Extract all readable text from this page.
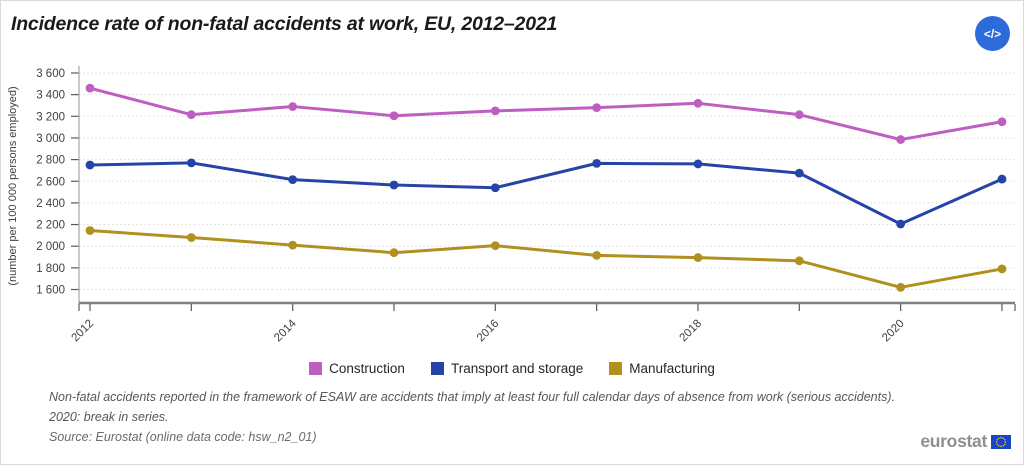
Incidence rate of non-fatal accidents at work, EU, 2012–2021	</>
1 600
1 800
2 000
2 200
2 400
2 600
2 800
3 000
3 200
3 400
3 600
2012	2014	2016	2018	2020
(number per 100 000 persons employed)
Construction	Transport and storage	Manufacturing

Non-fatal accidents reported in the framework of ESAW are accidents that imply at least four full calendar days of absence from work (serious accidents).

2020: break in series.

Source: Eurostat (online data code: hsw_n2_01)	eurostat
